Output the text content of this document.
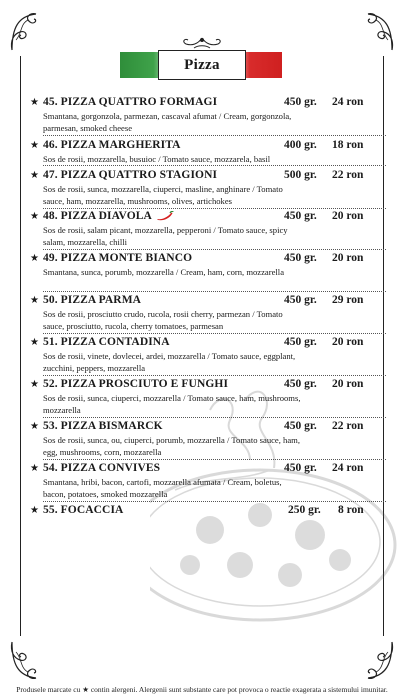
Pizza
★ 45. PIZZA QUATTRO FORMAGI	450 gr. 24 ron
Smantana, gorgonzola, parmezan, cascaval afumat / Cream, gorgonzola, parmesan, smoked cheese
★ 46. PIZZA MARGHERITA	400 gr. 18 ron
Sos de rosii, mozzarella, busuioc / Tomato sauce, mozzarela, basil
★ 47. PIZZA QUATTRO STAGIONI	500 gr. 22 ron
Sos de rosii, sunca, mozzarella, ciuperci, masline, anghinare / Tomato sauce, ham, mozzarella, mushrooms, olives, artichokes
★ 48. PIZZA DIAVOLA	450 gr. 20 ron
Sos de rosii, salam picant, mozzarella, pepperoni / Tomato sauce, spicy salam, mozzarella, chilli
★ 49. PIZZA MONTE BIANCO	450 gr. 20 ron
Smantana, sunca, porumb, mozzarella / Cream, ham, corn, mozzarella
★ 50. PIZZA PARMA	450 gr. 29 ron
Sos de rosii, prosciutto crudo, rucola, rosii cherry, parmezan / Tomato sauce, prosciutto, rucola, cherry tomatoes, parmesan
★ 51. PIZZA CONTADINA	450 gr. 20 ron
Sos de rosii, vinete, dovlecei, ardei, mozzarella / Tomato sauce, eggplant, zucchini, peppers, mozzarella
★ 52. PIZZA PROSCIUTO E FUNGHI	450 gr. 20 ron
Sos de rosii, sunca, ciuperci, mozzarella / Tomato sauce, ham, mushrooms, mozzarella
★ 53. PIZZA BISMARCK	450 gr. 22 ron
Sos de rosii, sunca, ou, ciuperci, porumb, mozzarella / Tomato sauce, ham, egg, mushrooms, corn, mozzarella
★ 54. PIZZA CONVIVES	450 gr. 24 ron
Smantana, hribi, bacon, cartofi, mozzarella afumata / Cream, boletus, bacon, potatoes, smoked mozzarella
★ 55. FOCACCIA	250 gr. 8 ron
Produsele marcate cu ★ contin alergeni. Alergenii sunt substante care pot provoca o reactie exagerata a sistemului imunitar.
